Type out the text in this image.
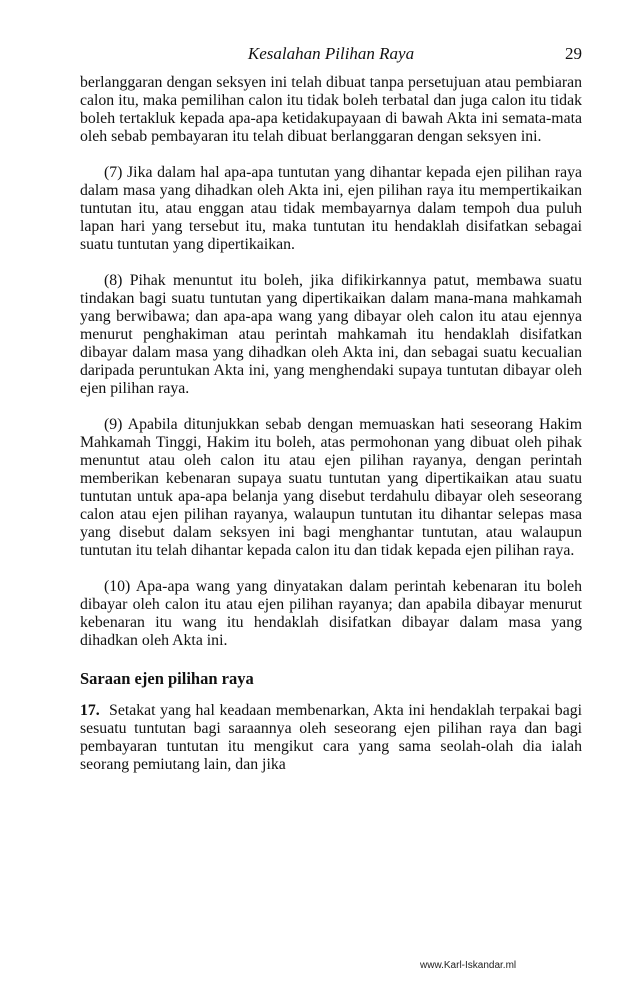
Kesalahan Pilihan Raya	29

berlanggaran dengan seksyen ini telah dibuat tanpa persetujuan atau pembiaran calon itu, maka pemilihan calon itu tidak boleh terbatal dan juga calon itu tidak boleh tertakluk kepada apa-apa ketidakupayaan di bawah Akta ini semata-mata oleh sebab pembayaran itu telah dibuat berlanggaran dengan seksyen ini.

(7) Jika dalam hal apa-apa tuntutan yang dihantar kepada ejen pilihan raya dalam masa yang dihadkan oleh Akta ini, ejen pilihan raya itu mempertikaikan tuntutan itu, atau enggan atau tidak membayarnya dalam tempoh dua puluh lapan hari yang tersebut itu, maka tuntutan itu hendaklah disifatkan sebagai suatu tuntutan yang dipertikaikan.

(8) Pihak menuntut itu boleh, jika difikirkannya patut, membawa suatu tindakan bagi suatu tuntutan yang dipertikaikan dalam mana-mana mahkamah yang berwibawa; dan apa-apa wang yang dibayar oleh calon itu atau ejennya menurut penghakiman atau perintah mahkamah itu hendaklah disifatkan dibayar dalam masa yang dihadkan oleh Akta ini, dan sebagai suatu kecualian daripada peruntukan Akta ini, yang menghendaki supaya tuntutan dibayar oleh ejen pilihan raya.

(9) Apabila ditunjukkan sebab dengan memuaskan hati seseorang Hakim Mahkamah Tinggi, Hakim itu boleh, atas permohonan yang dibuat oleh pihak menuntut atau oleh calon itu atau ejen pilihan rayanya, dengan perintah memberikan kebenaran supaya suatu tuntutan yang dipertikaikan atau suatu tuntutan untuk apa-apa belanja yang disebut terdahulu dibayar oleh seseorang calon atau ejen pilihan rayanya, walaupun tuntutan itu dihantar selepas masa yang disebut dalam seksyen ini bagi menghantar tuntutan, atau walaupun tuntutan itu telah dihantar kepada calon itu dan tidak kepada ejen pilihan raya.

(10) Apa-apa wang yang dinyatakan dalam perintah kebenaran itu boleh dibayar oleh calon itu atau ejen pilihan rayanya; dan apabila dibayar menurut kebenaran itu wang itu hendaklah disifatkan dibayar dalam masa yang dihadkan oleh Akta ini.

Saraan ejen pilihan raya

17. Setakat yang hal keadaan membenarkan, Akta ini hendaklah terpakai bagi sesuatu tuntutan bagi saraannya oleh seseorang ejen pilihan raya dan bagi pembayaran tuntutan itu mengikut cara yang sama seolah-olah dia ialah seorang pemiutang lain, dan jika

www.Karl-Iskandar.ml
